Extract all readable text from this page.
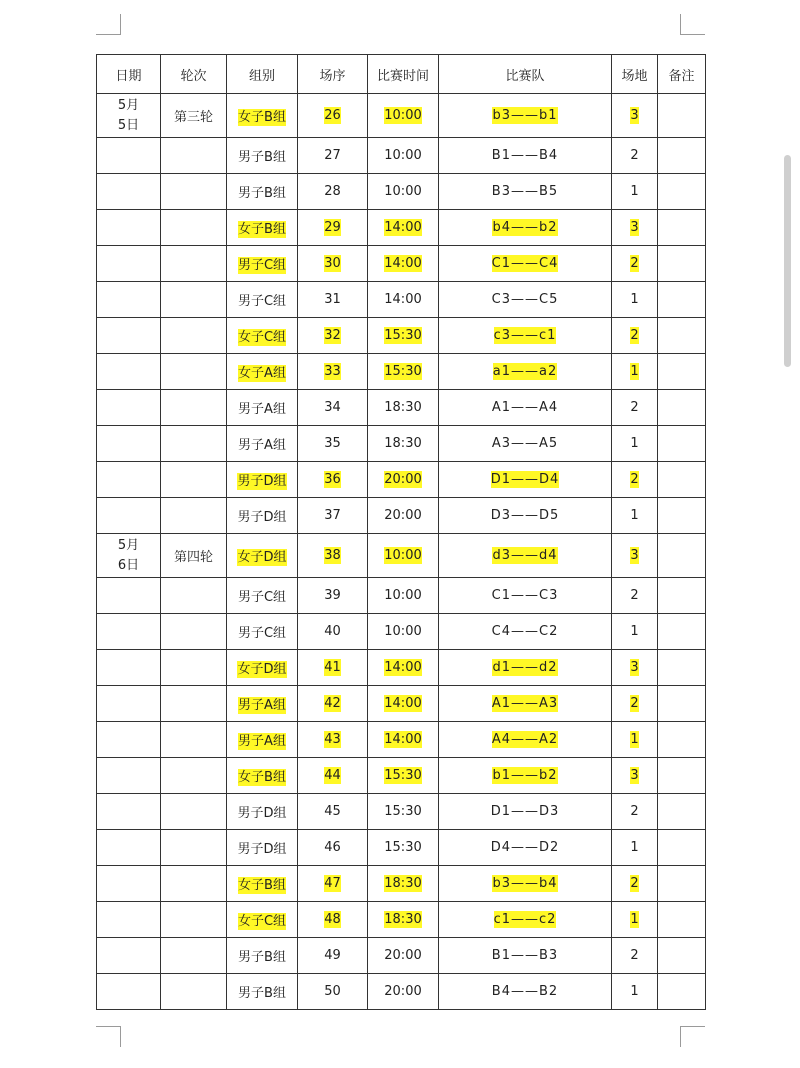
日期	轮次	组别	场序	比赛时间	比赛队	场地	备注

5月
5日	第三轮	女子B组	26	10:00	b3——b1	3	

		男子B组	27	10:00	B1——B4	2	

		男子B组	28	10:00	B3——B5	1	

		女子B组	29	14:00	b4——b2	3	

		男子C组	30	14:00	C1——C4	2	

		男子C组	31	14:00	C3——C5	1	

		女子C组	32	15:30	c3——c1	2	

		女子A组	33	15:30	a1——a2	1	

		男子A组	34	18:30	A1——A4	2	

		男子A组	35	18:30	A3——A5	1	

		男子D组	36	20:00	D1——D4	2	

		男子D组	37	20:00	D3——D5	1	

5月
6日	第四轮	女子D组	38	10:00	d3——d4	3	

		男子C组	39	10:00	C1——C3	2	

		男子C组	40	10:00	C4——C2	1	

		女子D组	41	14:00	d1——d2	3	

		男子A组	42	14:00	A1——A3	2	

		男子A组	43	14:00	A4——A2	1	

		女子B组	44	15:30	b1——b2	3	

		男子D组	45	15:30	D1——D3	2	

		男子D组	46	15:30	D4——D2	1	

		女子B组	47	18:30	b3——b4	2	

		女子C组	48	18:30	c1——c2	1	

		男子B组	49	20:00	B1——B3	2	

		男子B组	50	20:00	B4——B2	1	
